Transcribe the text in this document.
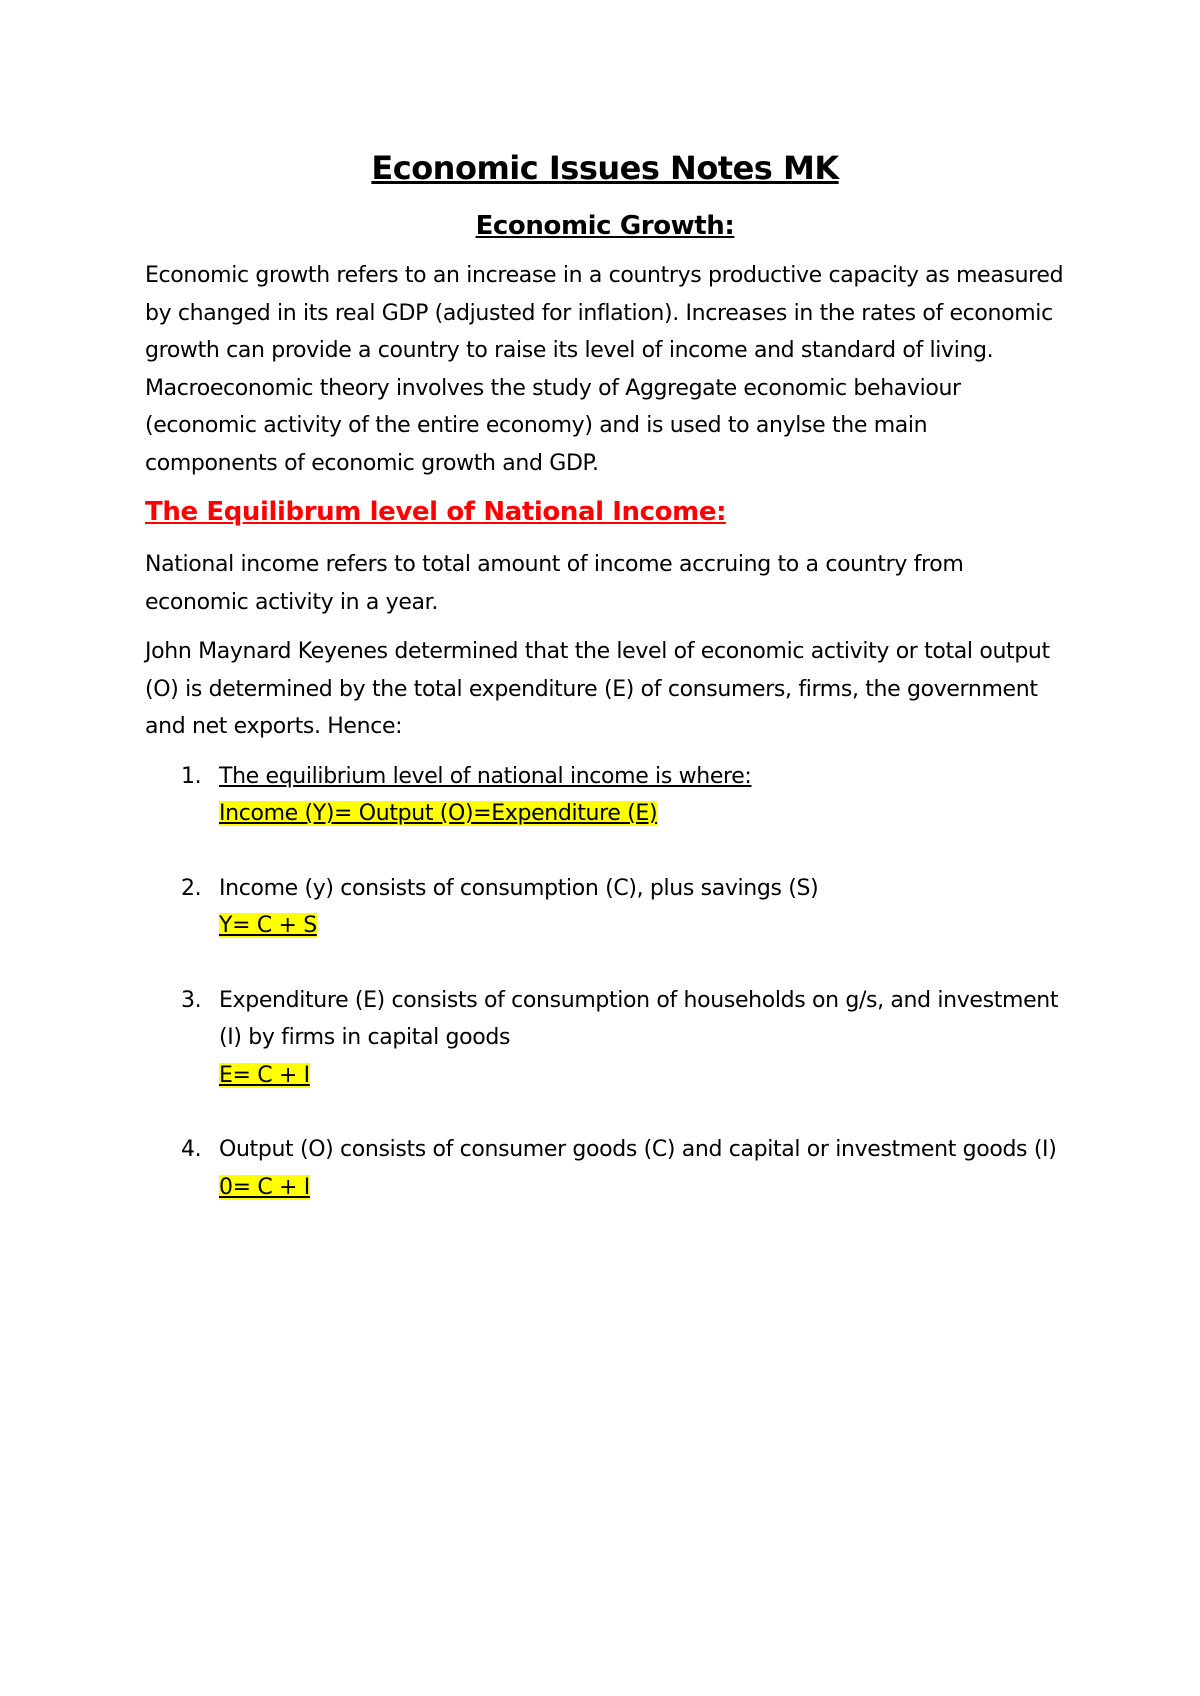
Economic Issues Notes MK
Economic Growth:

Economic growth refers to an increase in a countrys productive capacity as measured by changed in its real GDP (adjusted for inflation). Increases in the rates of economic growth can provide a country to raise its level of income and standard of living. Macroeconomic theory involves the study of Aggregate economic behaviour (economic activity of the entire economy) and is used to anylse the main components of economic growth and GDP.

The Equilibrum level of National Income:

National income refers to total amount of income accruing to a country from economic activity in a year.

John Maynard Keyenes determined that the level of economic activity or total output (O) is determined by the total expenditure (E) of consumers, firms, the government and net exports. Hence:

1. The equilibrium level of national income is where:
Income (Y)= Output (O)=Expenditure (E)
2. Income (y) consists of consumption (C), plus savings (S)
Y= C + S
3. Expenditure (E) consists of consumption of households on g/s, and investment (I) by firms in capital goods
E= C + I
4. Output (O) consists of consumer goods (C) and capital or investment goods (I)
0= C + I
